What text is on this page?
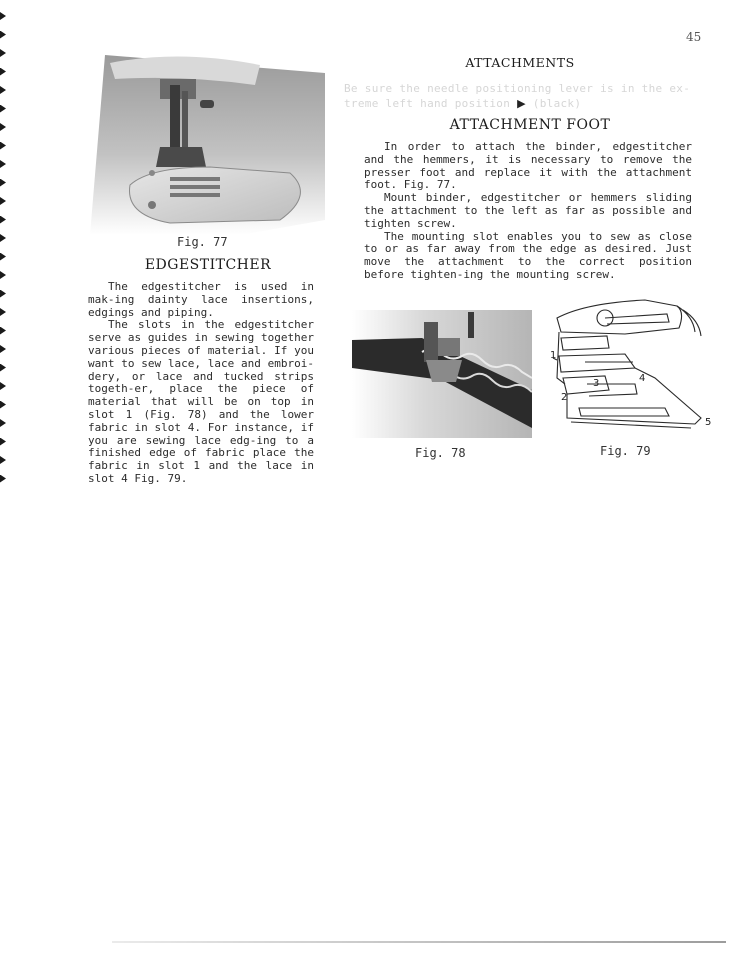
45
Fig. 77
ATTACHMENTS
Be sure the needle positioning lever is in the ex-
treme left hand position ▶ (black)
ATTACHMENT FOOT

In order to attach the binder, edgestitcher and the hemmers, it is necessary to remove the presser foot and replace it with the attachment foot. Fig. 77.

Mount binder, edgestitcher or hemmers sliding the attachment to the left as far as possible and tighten screw.

The mounting slot enables you to sew as close to or as far away from the edge as desired. Just move the attachment to the correct position before tighten-ing the mounting screw.

EDGESTITCHER

The edgestitcher is used in mak-ing dainty lace insertions, edgings and piping.

The slots in the edgestitcher serve as guides in sewing together various pieces of material. If you want to sew lace, lace and embroi-dery, or lace and tucked strips togeth-er, place the piece of material that will be on top in slot 1 (Fig. 78) and the lower fabric in slot 4. For instance, if you are sewing lace edg-ing to a finished edge of fabric place the fabric in slot 1 and the lace in slot 4 Fig. 79.

Fig. 78
1
2
3	4
5
Fig. 79
